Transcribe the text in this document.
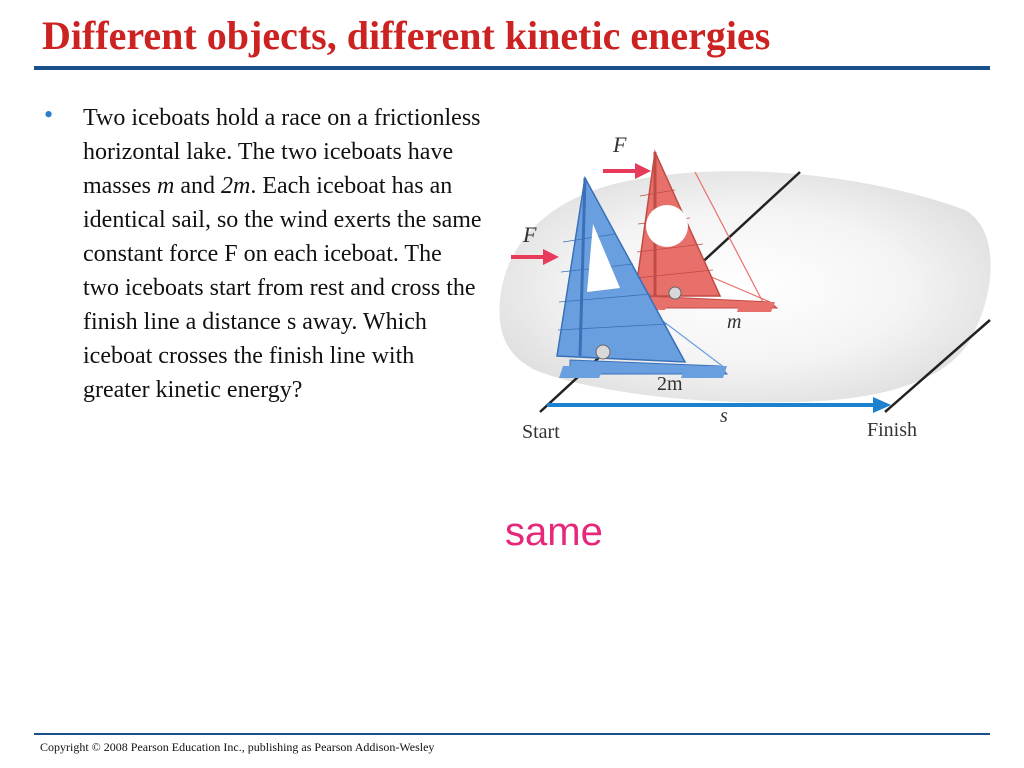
Different objects, different kinetic energies
• Two iceboats hold a race on a frictionless horizontal lake. The two iceboats have masses m and 2m. Each iceboat has an identical sail, so the wind exerts the same constant force F on each iceboat. The two iceboats start from rest and cross the finish line a distance s away. Which iceboat crosses the finish line with greater kinetic energy?
F
F
m
2m
s
Start	Finish
same
Copyright © 2008 Pearson Education Inc., publishing as Pearson Addison-Wesley
